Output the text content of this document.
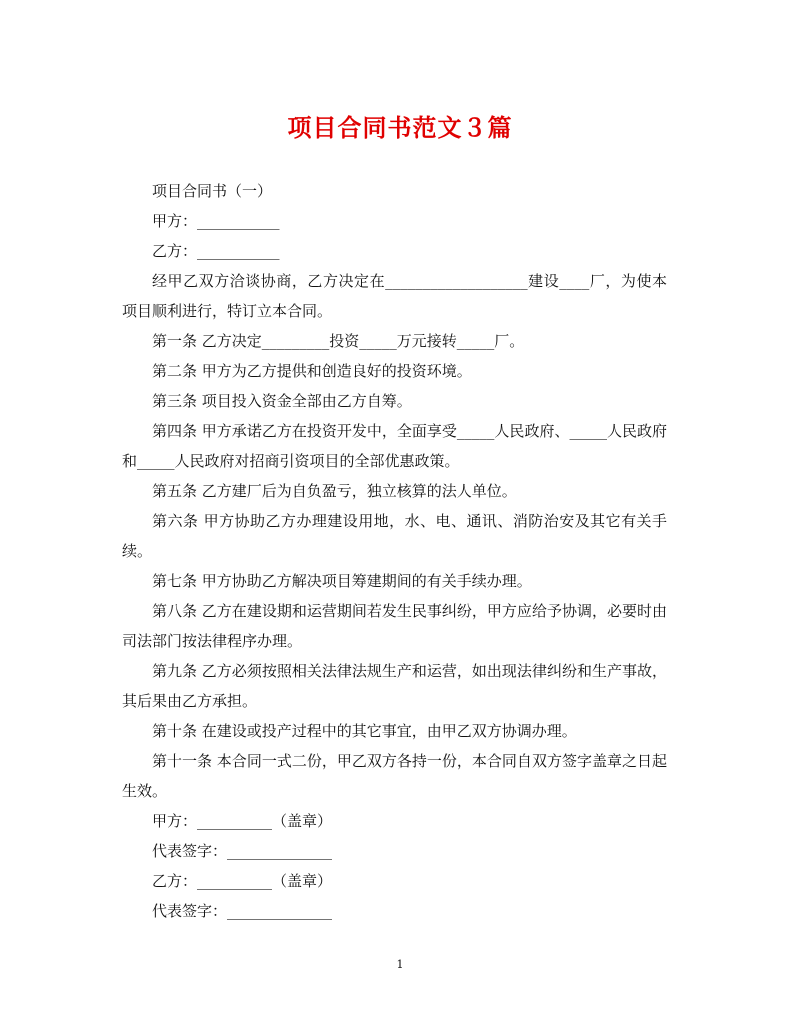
项目合同书范文３篇

项目合同书（一）

甲方：___________

乙方：___________

经甲乙双方洽谈协商，乙方决定在___________________建设____厂，为使本项目顺利进行，特订立本合同。

第一条 乙方决定_________投资_____万元接转_____厂。

第二条 甲方为乙方提供和创造良好的投资环境。

第三条 项目投入资金全部由乙方自筹。

第四条 甲方承诺乙方在投资开发中，全面享受_____人民政府、_____人民政府和_____人民政府对招商引资项目的全部优惠政策。

第五条 乙方建厂后为自负盈亏，独立核算的法人单位。

第六条 甲方协助乙方办理建设用地，水、电、通讯、消防治安及其它有关手续。

第七条 甲方协助乙方解决项目筹建期间的有关手续办理。

第八条 乙方在建设期和运营期间若发生民事纠纷，甲方应给予协调，必要时由司法部门按法律程序办理。

第九条 乙方必须按照相关法律法规生产和运营，如出现法律纠纷和生产事故，其后果由乙方承担。

第十条 在建设或投产过程中的其它事宜，由甲乙双方协调办理。

第十一条 本合同一式二份，甲乙双方各持一份，本合同自双方签字盖章之日起生效。

甲方：__________（盖章）

代表签字：______________

乙方：__________（盖章）

代表签字：______________

1
